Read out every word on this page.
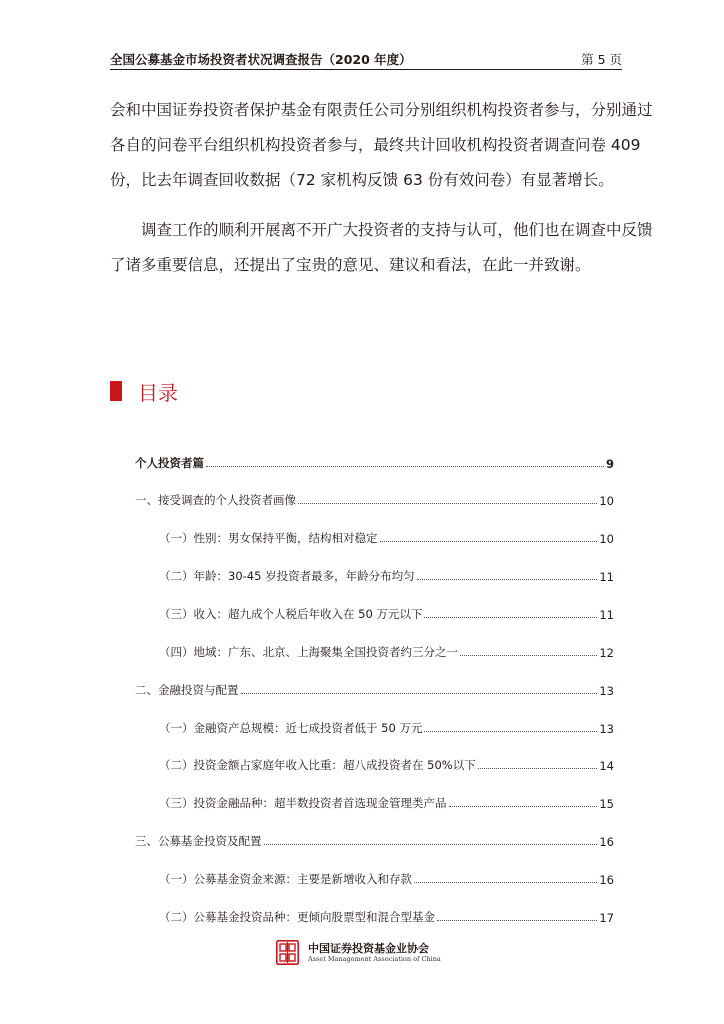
全国公募基金市场投资者状况调查报告（2020 年度）	第 5 页

会和中国证券投资者保护基金有限责任公司分别组织机构投资者参与，分别通过
各自的问卷平台组织机构投资者参与，最终共计回收机构投资者调查问卷 409
份，比去年调查回收数据（72 家机构反馈 63 份有效问卷）有显著增长。

调查工作的顺利开展离不开广大投资者的支持与认可，他们也在调查中反馈
了诸多重要信息，还提出了宝贵的意见、建议和看法，在此一并致谢。

目录
个人投资者篇	9
一、接受调查的个人投资者画像	10
（一）性别：男女保持平衡，结构相对稳定	10
（二）年龄：30-45 岁投资者最多，年龄分布均匀	11
（三）收入：超九成个人税后年收入在 50 万元以下	11
（四）地域：广东、北京、上海聚集全国投资者约三分之一	12
二、金融投资与配置	13
（一）金融资产总规模：近七成投资者低于 50 万元	13
（二）投资金额占家庭年收入比重：超八成投资者在 50%以下	14
（三）投资金融品种：超半数投资者首选现金管理类产品	15
三、公募基金投资及配置	16
（一）公募基金资金来源：主要是新增收入和存款	16
（二）公募基金投资品种：更倾向股票型和混合型基金	17
中国证券投资基金业协会
Asset Management Association of China
